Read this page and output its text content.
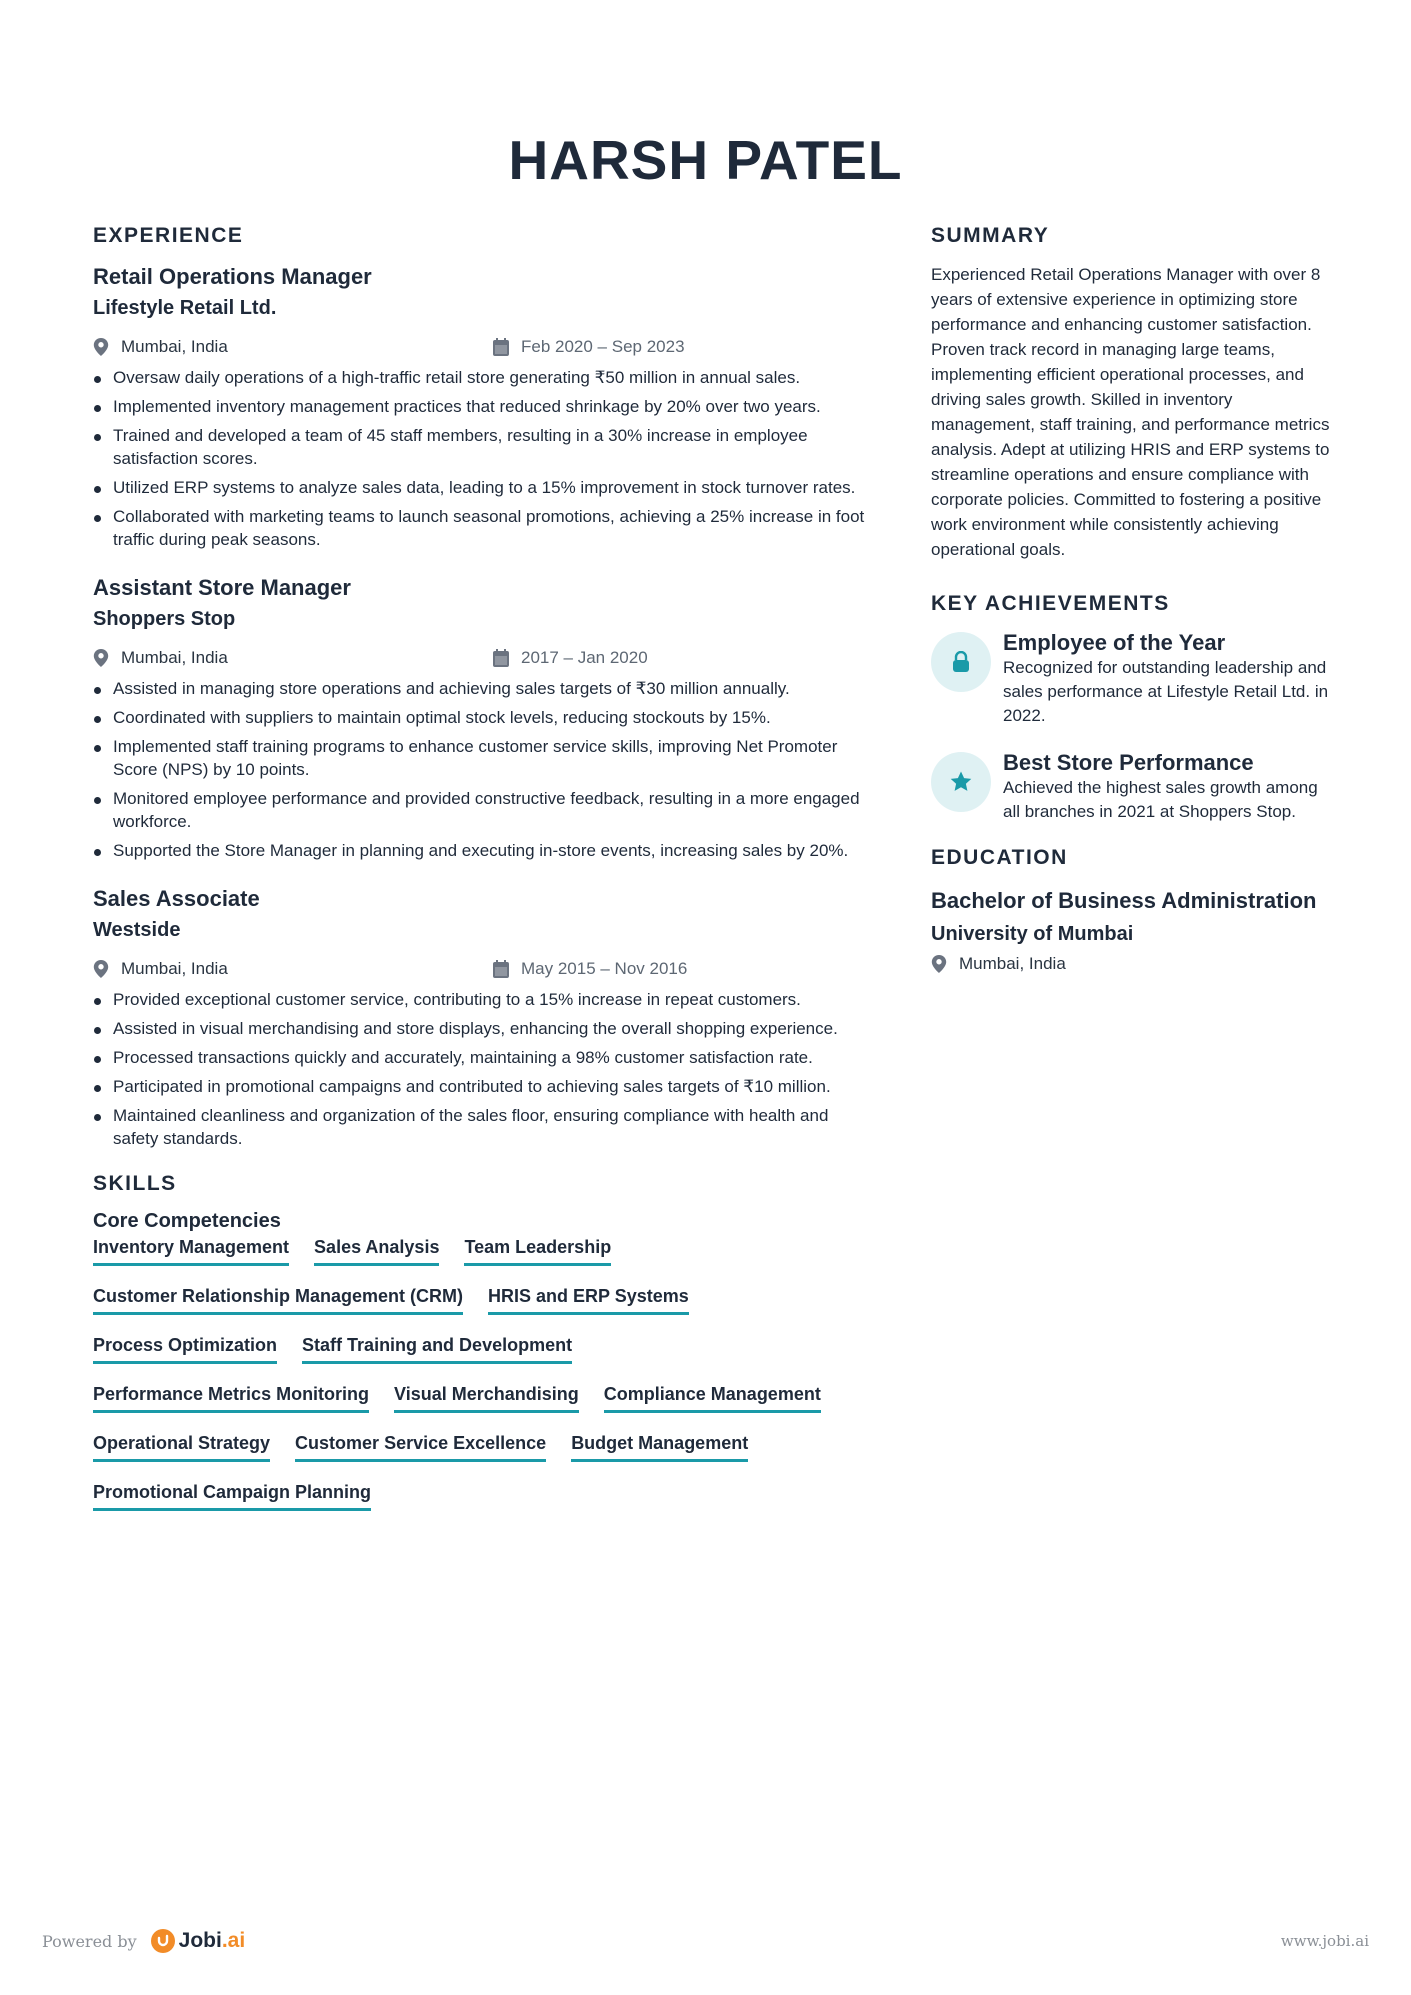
HARSH PATEL
EXPERIENCE
Retail Operations Manager
Lifestyle Retail Ltd.
Mumbai, India	Feb 2020 – Sep 2023
Oversaw daily operations of a high-traffic retail store generating ₹50 million in annual sales.
Implemented inventory management practices that reduced shrinkage by 20% over two years.
Trained and developed a team of 45 staff members, resulting in a 30% increase in employee satisfaction scores.
Utilized ERP systems to analyze sales data, leading to a 15% improvement in stock turnover rates.
Collaborated with marketing teams to launch seasonal promotions, achieving a 25% increase in foot traffic during peak seasons.
Assistant Store Manager
Shoppers Stop
Mumbai, India	2017 – Jan 2020
Assisted in managing store operations and achieving sales targets of ₹30 million annually.
Coordinated with suppliers to maintain optimal stock levels, reducing stockouts by 15%.
Implemented staff training programs to enhance customer service skills, improving Net Promoter Score (NPS) by 10 points.
Monitored employee performance and provided constructive feedback, resulting in a more engaged workforce.
Supported the Store Manager in planning and executing in-store events, increasing sales by 20%.
Sales Associate
Westside
Mumbai, India	May 2015 – Nov 2016
Provided exceptional customer service, contributing to a 15% increase in repeat customers.
Assisted in visual merchandising and store displays, enhancing the overall shopping experience.
Processed transactions quickly and accurately, maintaining a 98% customer satisfaction rate.
Participated in promotional campaigns and contributed to achieving sales targets of ₹10 million.
Maintained cleanliness and organization of the sales floor, ensuring compliance with health and safety standards.
SKILLS
Core Competencies
Inventory Management Sales Analysis Team Leadership
Customer Relationship Management (CRM) HRIS and ERP Systems
Process Optimization Staff Training and Development
Performance Metrics Monitoring Visual Merchandising Compliance Management
Operational Strategy Customer Service Excellence Budget Management
Promotional Campaign Planning
SUMMARY
Experienced Retail Operations Manager with over 8 years of extensive experience in optimizing store performance and enhancing customer satisfaction. Proven track record in managing large teams, implementing efficient operational processes, and driving sales growth. Skilled in inventory management, staff training, and performance metrics analysis. Adept at utilizing HRIS and ERP systems to streamline operations and ensure compliance with corporate policies. Committed to fostering a positive work environment while consistently achieving operational goals.
KEY ACHIEVEMENTS
Employee of the Year
Recognized for outstanding leadership and sales performance at Lifestyle Retail Ltd. in 2022.
Best Store Performance
Achieved the highest sales growth among all branches in 2021 at Shoppers Stop.
EDUCATION
Bachelor of Business Administration
University of Mumbai
Mumbai, India
Powered by Jobi .ai	www.jobi.ai
